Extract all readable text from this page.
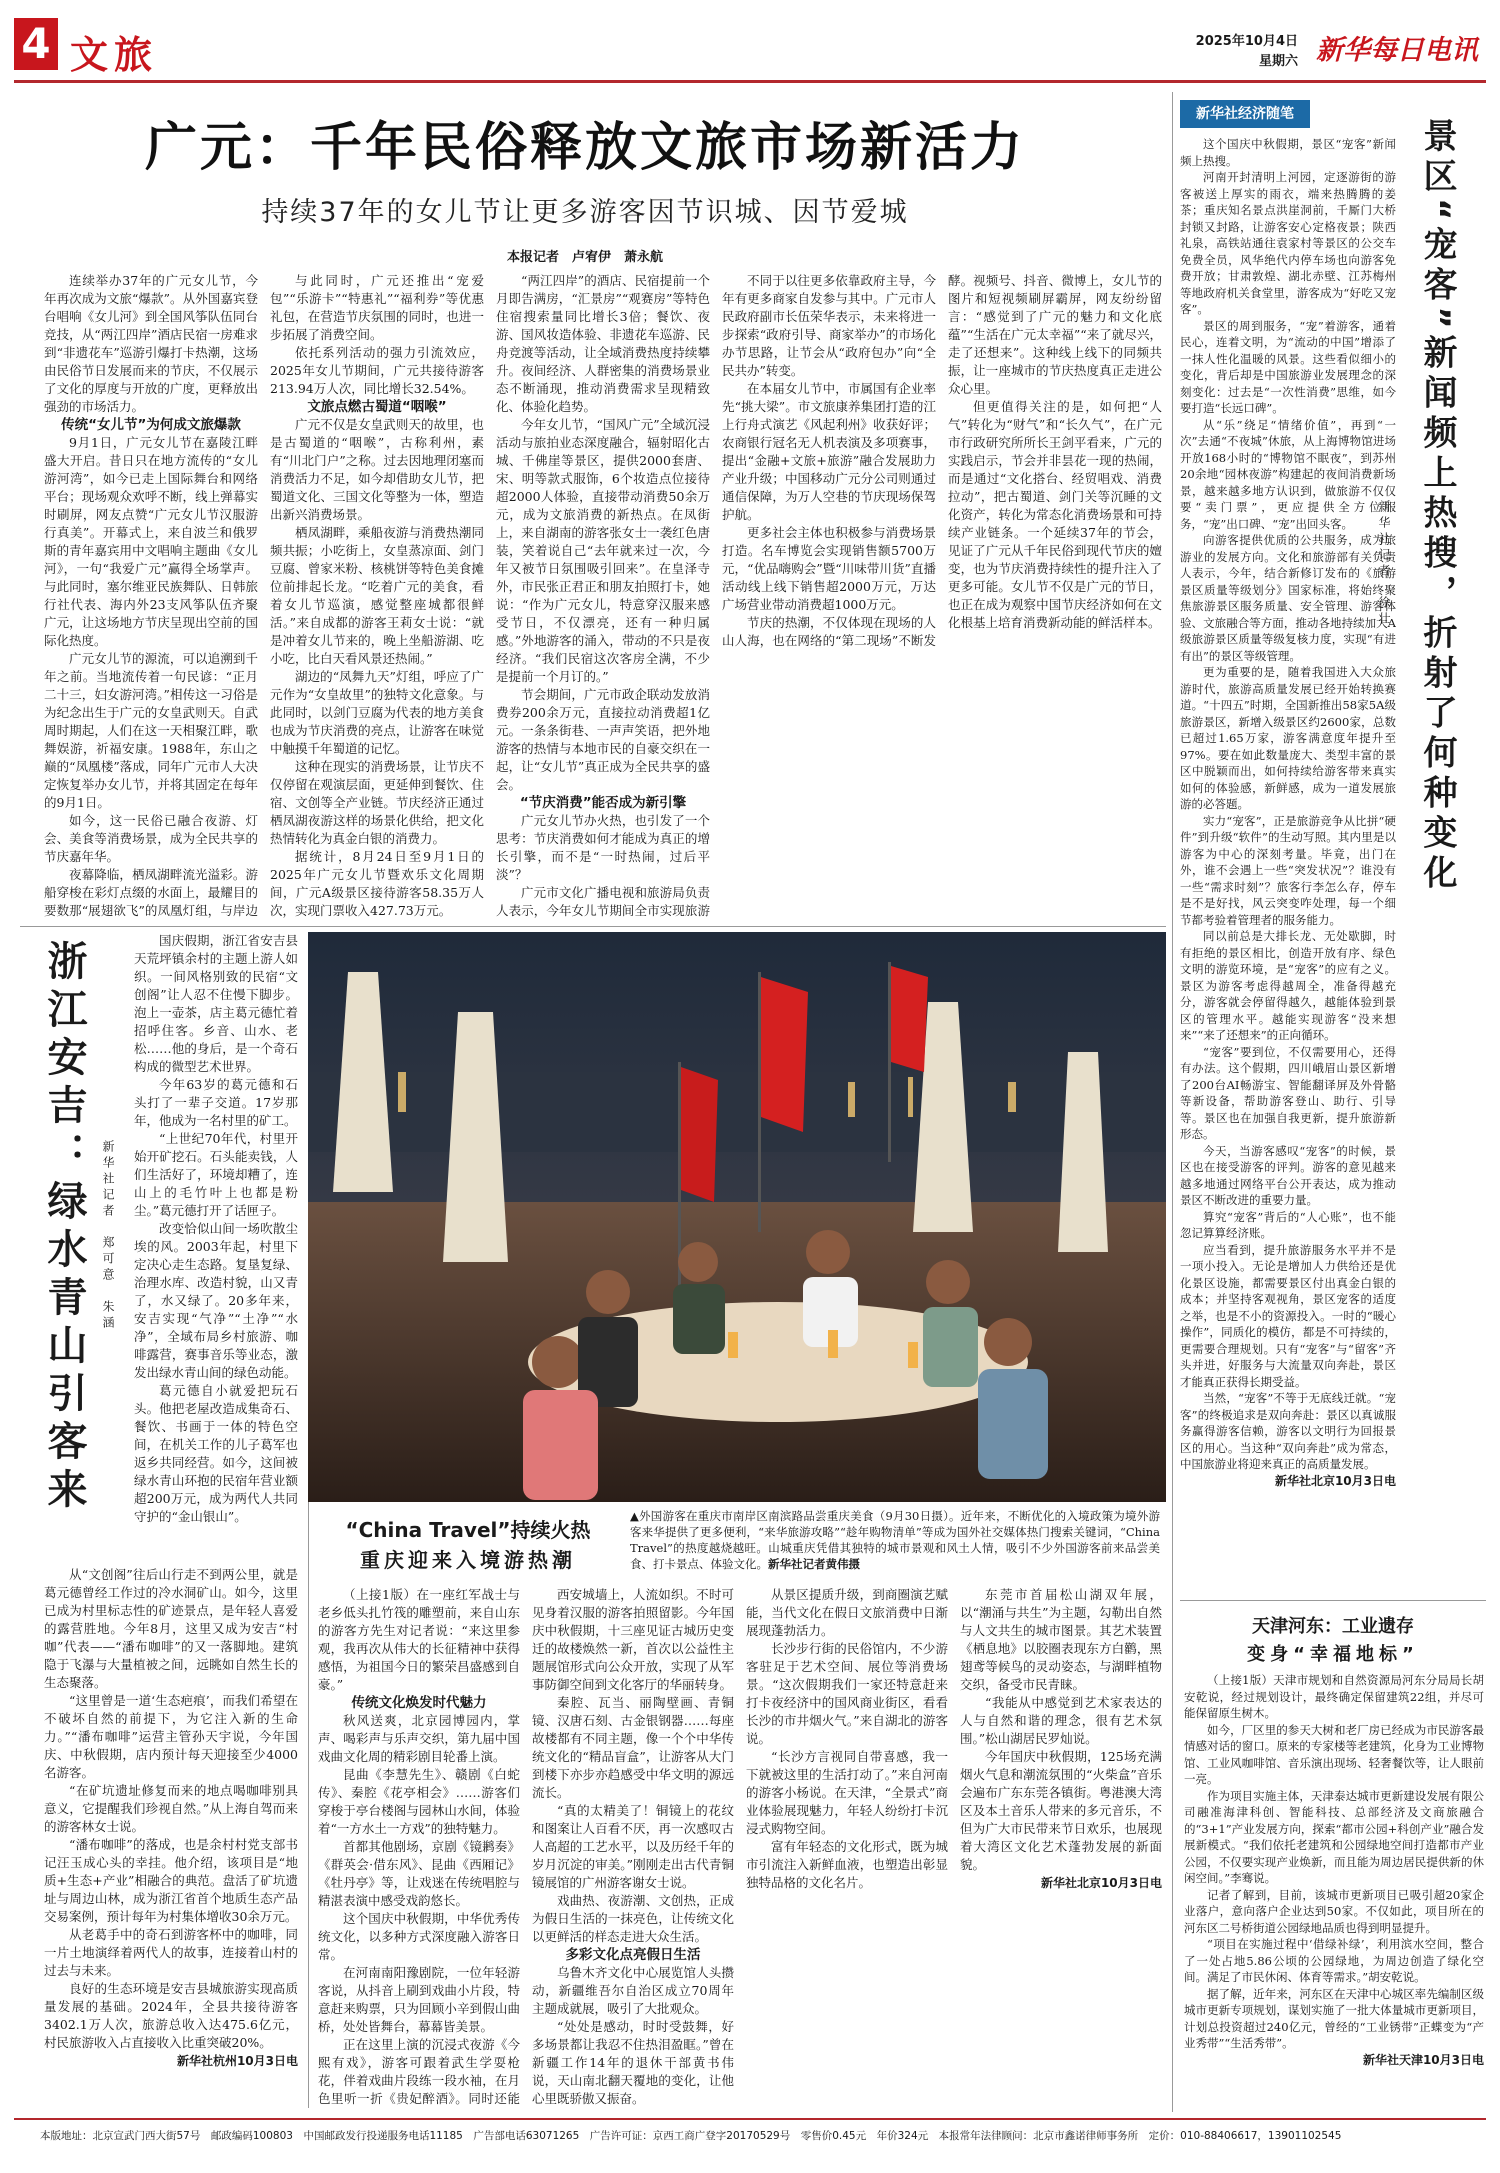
4 文旅	2025年10月4日
星期六 新华每日电讯
广元：千年民俗释放文旅市场新活力
持续37年的女儿节让更多游客因节识城、因节爱城
本报记者　卢宥伊　萧永航

连续举办37年的广元女儿节，今年再次成为文旅“爆款”。从外国嘉宾登台唱响《女儿河》到全国风筝队伍同台竞技，从“两江四岸”酒店民宿一房难求到“非遗花车”巡游引爆打卡热潮，这场由民俗节日发展而来的节庆，不仅展示了文化的厚度与开放的广度，更释放出强劲的市场活力。

传统“女儿节”为何成文旅爆款

9月1日，广元女儿节在嘉陵江畔盛大开启。昔日只在地方流传的“女儿游河湾”，如今已走上国际舞台和网络平台；现场观众欢呼不断，线上弹幕实时刷屏，网友点赞“广元女儿节汉服游行真美”。开幕式上，来自波兰和俄罗斯的青年嘉宾用中文唱响主题曲《女儿河》，一句“我爱广元”赢得全场掌声。与此同时，塞尔维亚民族舞队、日韩旅行社代表、海内外23支风筝队伍齐聚广元，让这场地方节庆呈现出空前的国际化热度。

广元女儿节的源流，可以追溯到千年之前。当地流传着一句民谚：“正月二十三，妇女游河湾。”相传这一习俗是为纪念出生于广元的女皇武则天。自武周时期起，人们在这一天相聚江畔，歌舞娱游，祈福安康。1988年，东山之巅的“凤凰楼”落成，同年广元市人大决定恢复举办女儿节，并将其固定在每年的9月1日。

如今，这一民俗已融合夜游、灯会、美食等消费场景，成为全民共享的节庆嘉年华。

夜幕降临，栖凤湖畔流光溢彩。游船穿梭在彩灯点缀的水面上，最耀目的要数那“展翅欲飞”的凤凰灯组，与岸边

与此同时，广元还推出“宠爱包”“乐游卡”“特惠礼”“福利券”等优惠礼包，在营造节庆氛围的同时，也进一步拓展了消费空间。

依托系列活动的强力引流效应，2025年女儿节期间，广元共接待游客213.94万人次，同比增长32.54%。

文旅点燃古蜀道“咽喉”

广元不仅是女皇武则天的故里，也是古蜀道的“咽喉”，古称利州，素有“川北门户”之称。过去因地理闭塞而消费活力不足，如今却借助女儿节，把蜀道文化、三国文化等整为一体，塑造出新兴消费场景。

栖凤湖畔，乘船夜游与消费热潮同频共振；小吃街上，女皇蒸凉面、剑门豆腐、曾家米粉、核桃饼等特色美食摊位前排起长龙。“吃着广元的美食，看着女儿节巡演，感觉整座城都很鲜活。”来自成都的游客王莉女士说：“就是冲着女儿节来的，晚上坐船游湖、吃小吃，比白天看风景还热闹。”

湖边的“凤舞九天”灯组，呼应了广元作为“女皇故里”的独特文化意象。与此同时，以剑门豆腐为代表的地方美食也成为节庆消费的亮点，让游客在味觉中触摸千年蜀道的记忆。

这种在现实的消费场景，让节庆不仅停留在观演层面，更延伸到餐饮、住宿、文创等全产业链。节庆经济正通过栖凤湖夜游这样的场景化供给，把文化热情转化为真金白银的消费力。

据统计，8月24日至9月1日的2025年广元女儿节暨欢乐文化周期间，广元A级景区接待游客58.35万人次，实现门票收入427.73万元。

“两江四岸”的酒店、民宿提前一个月即告满房，“汇景房”“观赛房”等特色住宿搜索量同比增长3倍；餐饮、夜游、国风妆造体验、非遗花车巡游、民舟竞渡等活动，让全域消费热度持续攀升。夜间经济、人群密集的消费场景业态不断涌现，推动消费需求呈现精致化、体验化趋势。

今年女儿节，“国风广元”全域沉浸活动与旅拍业态深度融合，辐射昭化古城、千佛崖等景区，提供2000套唐、宋、明等款式服饰，6个妆造点位接待超2000人体验，直接带动消费50余万元，成为文旅消费的新热点。在凤街上，来自湖南的游客张女士一袭红色唐装，笑着说自己“去年就来过一次，今年又被节日氛围吸引回来”。在皇泽寺外，市民张正君正和朋友拍照打卡，她说：“作为广元女儿，特意穿汉服来感受节日，不仅漂亮，还有一种归属感。”外地游客的涌入，带动的不只是夜经济。“我们民宿这次客房全满，不少是提前一个月订的。”

节会期间，广元市政企联动发放消费券200余万元，直接拉动消费超1亿元。一条条街巷、一声声笑语，把外地游客的热情与本地市民的自豪交织在一起，让“女儿节”真正成为全民共享的盛会。

“节庆消费”能否成为新引擎

广元女儿节办火热，也引发了一个思考：节庆消费如何才能成为真正的增长引擎，而不是“一时热闹，过后平淡”？

广元市文化广播电视和旅游局负责人表示，今年女儿节期间全市实现旅游

不同于以往更多依靠政府主导，今年有更多商家自发参与其中。广元市人民政府副市长伍荣华表示，未来将进一步探索“政府引导、商家举办”的市场化办节思路，让节会从“政府包办”向“全民共办”转变。

在本届女儿节中，市属国有企业率先“挑大梁”。市文旅康养集团打造的江上行舟式演艺《风起利州》收获好评；农商银行冠名无人机表演及多项赛事，提出“金融+文旅+旅游”融合发展助力产业升级；中国移动广元分公司则通过通信保障，为万人空巷的节庆现场保驾护航。

更多社会主体也积极参与消费场景打造。名车博览会实现销售额5700万元，“优品嗨购会”暨“川味带川货”直播活动线上线下销售超2000万元，万达广场营业带动消费超1000万元。

节庆的热潮，不仅体现在现场的人山人海，也在网络的“第二现场”不断发酵。视频号、抖音、微博上，女儿节的图片和短视频刷屏霸屏，网友纷纷留言：“感觉到了广元的魅力和文化底蕴”“生活在广元太幸福”“来了就尽兴，走了还想来”。这种线上线下的同频共振，让一座城市的节庆热度真正走进公众心里。

但更值得关注的是，如何把“人气”转化为“财气”和“长久气”，在广元市行政研究所所长王剑平看来，广元的实践启示，节会并非昙花一现的热闹，而是通过“文化搭台、经贸唱戏、消费拉动”，把古蜀道、剑门关等沉睡的文化资产，转化为常态化消费场景和可持续产业链条。一个延续37年的节会，见证了广元从千年民俗到现代节庆的嬗变，也为节庆消费持续性的提升注入了更多可能。女儿节不仅是广元的节日，也正在成为观察中国节庆经济如何在文化根基上培育消费新动能的鲜活样本。

浙江安吉：绿水青山引客来	新华社记者　郑可意　朱涵

国庆假期，浙江省安吉县天荒坪镇余村的主题上游人如织。一间风格别致的民宿“文创阁”让人忍不住慢下脚步。泡上一壶茶，店主葛元德忙着招呼住客。乡音、山水、老松……他的身后，是一个奇石构成的微型艺术世界。

今年63岁的葛元德和石头打了一辈子交道。17岁那年，他成为一名村里的矿工。

“上世纪70年代，村里开始开矿挖石。石头能卖钱，人们生活好了，环境却糟了，连山上的毛竹叶上也都是粉尘。”葛元德打开了话匣子。

改变恰似山间一场吹散尘埃的风。2003年起，村里下定决心走生态路。复垦复绿、治理水库、改造村貌，山又青了，水又绿了。20多年来，安吉实现“气净”“土净”“水净”，全域布局乡村旅游、咖啡露营，赛事音乐等业态，激发出绿水青山间的绿色动能。

葛元德自小就爱把玩石头。他把老屋改造成集奇石、餐饮、书画于一体的特色空间，在机关工作的儿子葛军也返乡共同经营。如今，这间被绿水青山环抱的民宿年营业额超200万元，成为两代人共同守护的“金山银山”。

从“文创阁”往后山行走不到两公里，就是葛元德曾经工作过的冷水洞矿山。如今，这里已成为村里标志性的矿迹景点，是年轻人喜爱的露营胜地。今年8月，这里又成为安吉“村咖”代表——“潘布咖啡”的又一落脚地。建筑隐于飞瀑与大量植被之间，远眺如自然生长的生态聚落。

“这里曾是一道‘生态疤痕’，而我们希望在不破坏自然的前提下，为它注入新的生命力。”“潘布咖啡”运营主管孙天宇说，今年国庆、中秋假期，店内预计每天迎接至少4000名游客。

“在矿坑遗址修复而来的地点喝咖啡别具意义，它提醒我们珍视自然。”从上海自驾而来的游客林女士说。

“潘布咖啡”的落成，也是余村村党支部书记汪玉成心头的幸挂。他介绍，该项目是“地质+生态+产业”相融合的典范。盘活了矿坑遗址与周边山林，成为浙江省首个地质生态产品交易案例，预计每年为村集体增收30余万元。

从老葛手中的奇石到游客杯中的咖啡，同一片土地演绎着两代人的故事，连接着山村的过去与未来。

良好的生态环境是安吉县城旅游实现高质量发展的基础。2024年，全县共接待游客3402.1万人次，旅游总收入达475.6亿元，村民旅游收入占直接收入比重突破20%。

新华社杭州10月3日电

“China Travel”持续火热
重庆迎来入境游热潮
▲外国游客在重庆市南岸区南滨路品尝重庆美食（9月30日摄）。近年来，不断优化的入境政策为境外游客来华提供了更多便利，“来华旅游攻略”“趁年购物清单”等成为国外社交媒体热门搜索关键词，“China Travel”的热度越烧越旺。山城重庆凭借其独特的城市景观和风土人情，吸引不少外国游客前来品尝美食、打卡景点、体验文化。新华社记者黄伟摄

（上接1版）在一座红军战士与老乡低头扎竹筏的雕塑前，来自山东的游客方先生对记者说：“来这里参观，我再次从伟大的长征精神中获得感悟，为祖国今日的繁荣昌盛感到自豪。”

传统文化焕发时代魅力

秋风送爽，北京园博园内，掌声、喝彩声与乐声交织，第九届中国戏曲文化周的精彩剧目轮番上演。

昆曲《李慧先生》、赣剧《白蛇传》、秦腔《花亭相会》……游客们穿梭于亭台楼阁与园林山水间，体验着“一方水土一方戏”的独特魅力。

首都其他剧场，京剧《镜鹣奏》《群英会·借东风》、昆曲《西厢记》《牡丹亭》等，让戏迷在传统唱腔与精湛表演中感受戏韵悠长。

这个国庆中秋假期，中华优秀传统文化，以多种方式深度融入游客日常。

在河南南阳豫剧院，一位年轻游客说，从抖音上刷到戏曲小片段，特意赶来购票，只为回顾小辛到假山曲桥，处处皆舞台，幕幕皆美景。

正在这里上演的沉浸式夜游《今熙有戏》，游客可跟着武生学耍枪花，伴着戏曲片段练一段水袖，在月色里听一折《贵妃醉酒》。同时还能

西安城墙上，人流如织。不时可见身着汉服的游客拍照留影。今年国庆中秋假期，十三座见证古城历史变迁的故楼焕然一新，首次以公益性主题展馆形式向公众开放，实现了从军事防御空间到文化客厅的华丽转身。

秦腔、瓦当、丽陶壁画、青铜镜、汉唐石刻、古金银钢器……每座故楼都有不同主题，像一个个中华传统文化的“精品盲盒”，让游客从大门到楼下亦步亦趋感受中华文明的源远流长。

“真的太精美了！铜镜上的花纹和图案让人百看不厌，再一次感叹古人高超的工艺水平，以及历经千年的岁月沉淀的审美。”刚刚走出古代青铜镜展馆的广州游客谢女士说。

戏曲热、夜游潮、文创热，正成为假日生活的一抹亮色，让传统文化以更鲜活的样态走进大众生活。

多彩文化点亮假日生活

乌鲁木齐文化中心展览馆人头攒动，新疆维吾尔自治区成立70周年主题成就展，吸引了大批观众。

“处处是感动，时时受鼓舞，好多场景都让我忍不住热泪盈眶。”曾在新疆工作14年的退休干部黄书伟说，天山南北翻天覆地的变化，让他心里既骄傲又振奋。

从景区提质升级，到商圈演艺赋能，当代文化在假日文旅消费中日渐展现蓬勃活力。

长沙步行街的民俗馆内，不少游客驻足于艺术空间、展位等消费场景。“这次假期我们一家还特意赶来打卡夜经济中的国风商业街区，看看长沙的市井烟火气。”来自湖北的游客说。

“长沙方言视同自带喜感，我一下就被这里的生活打动了。”来自河南的游客小杨说。在天津，“全景式”商业体验展现魅力，年轻人纷纷打卡沉浸式购物空间。

富有年轻态的文化形式，既为城市引流注入新鲜血液，也塑造出彰显独特品格的文化名片。

东莞市首届松山湖双年展，以“潮涌与共生”为主题，勾勒出自然与人文共生的城市图景。其艺术装置《栖息地》以胶圈表现东方白鹳，黑翅鸢等候鸟的灵动姿态，与湖畔植物交织，备受市民青睐。

“我能从中感觉到艺术家表达的人与自然和谐的理念，很有艺术氛围。”松山湖居民罗灿说。

今年国庆中秋假期，125场充满烟火气息和潮流氛围的“火柴盒”音乐会遍布广东东莞各镇街。粤港澳大湾区及本土音乐人带来的多元音乐，不但为广大市民带来节日欢乐，也展现着大湾区文化艺术蓬勃发展的新面貌。

新华社北京10月3日电

新华社经济随笔

这个国庆中秋假期，景区“宠客”新闻频上热搜。

河南开封清明上河园，定逐游街的游客被送上厚实的雨衣，端来热腾腾的姜茶；重庆知名景点洪崖洞前，千厮门大桥封锁又封路，让游客安心定格夜景；陕西礼泉，高铁站通往袁家村等景区的公交车免费全员，风华绝代内停车场也向游客免费开放；甘肃敦煌、湖北赤壁、江苏梅州等地政府机关食堂里，游客成为“好吃又宠客”。

景区的周到服务，“宠”着游客，通着民心，连着文明，为“流动的中国”增添了一抹人性化温暖的风景。这些看似细小的变化，背后却是中国旅游业发展理念的深刻变化：过去是“一次性消费”思维，如今要打造“长远口碑”。

从“乐”绕足“情绪价值”，再到“一次”去通“不夜城”休旅，从上海博物馆进场开放168小时的“博物馆不眠夜”，到苏州20余地“园林夜游”构建起的夜间消费新场景，越来越多地方认识到，做旅游不仅仅要“卖门票”，更应提供全方位服务，“宠”出口碑、“宠”出回头客。

向游客提供优质的公共服务，成为旅游业的发展方向。文化和旅游部有关负责人表示，今年，结合新修订发布的《旅游景区质量等级划分》国家标准，将始终聚焦旅游景区服务质量、安全管理、游客体验、文旅融合等方面，推动各地持续加大A级旅游景区质量等级复核力度，实现“有进有出”的景区等级管理。

更为重要的是，随着我国进入大众旅游时代，旅游高质量发展已经开始转换赛道。“十四五”时期，全国新推出58家5A级旅游景区，新增入级景区约2600家，总数已超过1.65万家，游客满意度年提升至97%。要在如此数量庞大、类型丰富的景区中脱颖而出，如何持续给游客带来真实如何的体验感，新鲜感，成为一道发展旅游的必答题。

实力“宠客”，正是旅游竞争从比拼“硬件”到升级“软件”的生动写照。其内里是以游客为中心的深刻考量。毕竟，出门在外，谁不会遇上一些“突发状况”？谁没有一些“需求时刻”？旅客行李怎么存，停车是不是好找，风云突变咋处理，每一个细节都考验着管理者的服务能力。

同以前总是大排长龙、无处歇脚，时有拒绝的景区相比，创造开放有序、绿色文明的游览环境，是“宠客”的应有之义。景区为游客考虑得越周全，准备得越充分，游客就会停留得越久，越能体验到景区的管理水平。越能实现游客“没来想来”“来了还想来”的正向循环。

“宠客”要到位，不仅需要用心，还得有办法。这个假期，四川峨眉山景区新增了200台AI畅游宝、智能翻译屏及外骨骼等新设备，帮助游客登山、助行、引导等。景区也在加强自我更新，提升旅游新形态。

今天，当游客感叹“宠客”的时候，景区也在接受游客的评判。游客的意见越来越多地通过网络平台公开表达，成为推动景区不断改进的重要力量。

算究“宠客”背后的“人心账”，也不能忽记算算经济账。

应当看到，提升旅游服务水平并不是一项小投入。无论是增加人力供给还是优化景区设施，都需要景区付出真金白银的成本；并坚持客观视角，景区宠客的适度之举，也是不小的资源投入。一时的“暖心操作”，同质化的模仿，都是不可持续的，更需要合理规划。只有“宠客”与“留客”齐头并进，好服务与大流量双向奔赴，景区才能真正获得长期受益。

当然，“宠客”不等于无底线迁就。“宠客”的终极追求是双向奔赴：景区以真诚服务赢得游客信赖，游客以文明行为回报景区的用心。当这种“双向奔赴”成为常态，中国旅游业将迎来真正的高质量发展。

新华社北京10月3日电

景区“宠客”新闻频上热搜，折射了何种变化
新华社记者　徐壮
天津河东：工业遗存
变身“幸福地标”

（上接1版）天津市规划和自然资源局河东分局局长胡安乾说，经过规划设计，最终确定保留建筑22组，并尽可能保留原生树木。

如今，厂区里的参天大树和老厂房已经成为市民游客最情感对话的窗口。原来的专家楼等老建筑，化身为工业博物馆、工业风咖啡馆、音乐演出现场、轻奢餐饮等，让人眼前一亮。

作为项目实施主体，天津泰达城市更新建设发展有限公司融准海津科创、智能科技、总部经济及文商旅融合的“3+1”产业发展方向，探索“都市公园+科创产业”融合发展新模式。“我们依托老建筑和公园绿地空间打造都市产业公园，不仅要实现产业焕新，而且能为周边居民提供新的休闲空间。”李骞说。

记者了解到，目前，该城市更新项目已吸引超20家企业落户，意向落户企业达到50家。不仅如此，项目所在的河东区二号桥街道公园绿地品质也得到明显提升。

“项目在实施过程中‘借绿补绿’，利用滨水空间，整合了一处占地5.86公顷的公园绿地，为周边创造了绿化空间。满足了市民休闲、体育等需求。”胡安乾说。

据了解，近年来，河东区在天津中心城区率先编制区级城市更新专项规划，谋划实施了一批大体量城市更新项目，计划总投资超过240亿元，曾经的“工业锈带”正蝶变为“产业秀带”“生活秀带”。

新华社天津10月3日电

本版地址：北京宣武门西大街57号　邮政编码100803　中国邮政发行投递服务电话11185　广告部电话63071265　广告许可证：京西工商广登字20170529号　零售价0.45元　年价324元　本报常年法律顾问：北京市鑫诺律师事务所　定价：010-88406617，13901102545
